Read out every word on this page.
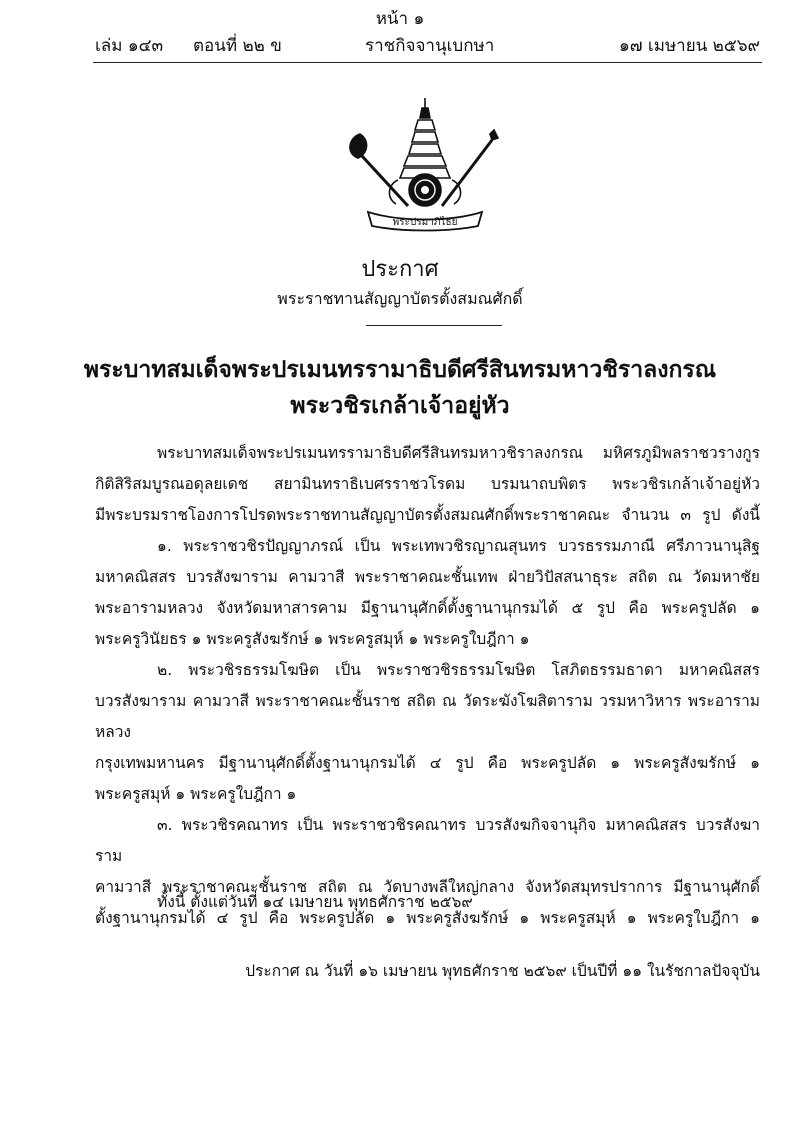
หน้า ๑
เล่ม ๑๔๓ ตอนที่ ๒๒ ข	ราชกิจจานุเบกษา	๑๗ เมษายน ๒๕๖๙
พระปรมาภิไธย
ประกาศ
พระราชทานสัญญาบัตรตั้งสมณศักดิ์
พระบาทสมเด็จพระปรเมนทรรามาธิบดีศรีสินทรมหาวชิราลงกรณ
พระวชิรเกล้าเจ้าอยู่หัว

พระบาทสมเด็จพระปรเมนทรรามาธิบดีศรีสินทรมหาวชิราลงกรณ มหิศรภูมิพลราชวรางกูร

กิติสิริสมบูรณอดุลยเดช สยามินทราธิเบศรราชวโรดม บรมนาถบพิตร พระวชิรเกล้าเจ้าอยู่หัว

มีพระบรมราชโองการโปรดพระราชทานสัญญาบัตรตั้งสมณศักดิ์พระราชาคณะ จำนวน ๓ รูป ดังนี้

๑. พระราชวชิรปัญญาภรณ์ เป็น พระเทพวชิรญาณสุนทร บวรธรรมภาณี ศรีภาวนานุสิฐ

มหาคณิสสร บวรสังฆาราม คามวาสี พระราชาคณะชั้นเทพ ฝ่ายวิปัสสนาธุระ สถิต ณ วัดมหาชัย

พระอารามหลวง จังหวัดมหาสารคาม มีฐานานุศักดิ์ตั้งฐานานุกรมได้ ๕ รูป คือ พระครูปลัด ๑

พระครูวินัยธร ๑ พระครูสังฆรักษ์ ๑ พระครูสมุห์ ๑ พระครูใบฎีกา ๑

๒. พระวชิรธรรมโฆษิต เป็น พระราชวชิรธรรมโฆษิต โสภิตธรรมธาดา มหาคณิสสร

บวรสังฆาราม คามวาสี พระราชาคณะชั้นราช สถิต ณ วัดระฆังโฆสิตาราม วรมหาวิหาร พระอารามหลวง

กรุงเทพมหานคร มีฐานานุศักดิ์ตั้งฐานานุกรมได้ ๔ รูป คือ พระครูปลัด ๑ พระครูสังฆรักษ์ ๑

พระครูสมุห์ ๑ พระครูใบฎีกา ๑

๓. พระวชิรคณาทร เป็น พระราชวชิรคณาทร บวรสังฆกิจจานุกิจ มหาคณิสสร บวรสังฆาราม

คามวาสี พระราชาคณะชั้นราช สถิต ณ วัดบางพลีใหญ่กลาง จังหวัดสมุทรปราการ มีฐานานุศักดิ์

ตั้งฐานานุกรมได้ ๔ รูป คือ พระครูปลัด ๑ พระครูสังฆรักษ์ ๑ พระครูสมุห์ ๑ พระครูใบฎีกา ๑

ทั้งนี้ ตั้งแต่วันที่ ๑๔ เมษายน พุทธศักราช ๒๕๖๙
ประกาศ ณ วันที่ ๑๖ เมษายน พุทธศักราช ๒๕๖๙ เป็นปีที่ ๑๑ ในรัชกาลปัจจุบัน
